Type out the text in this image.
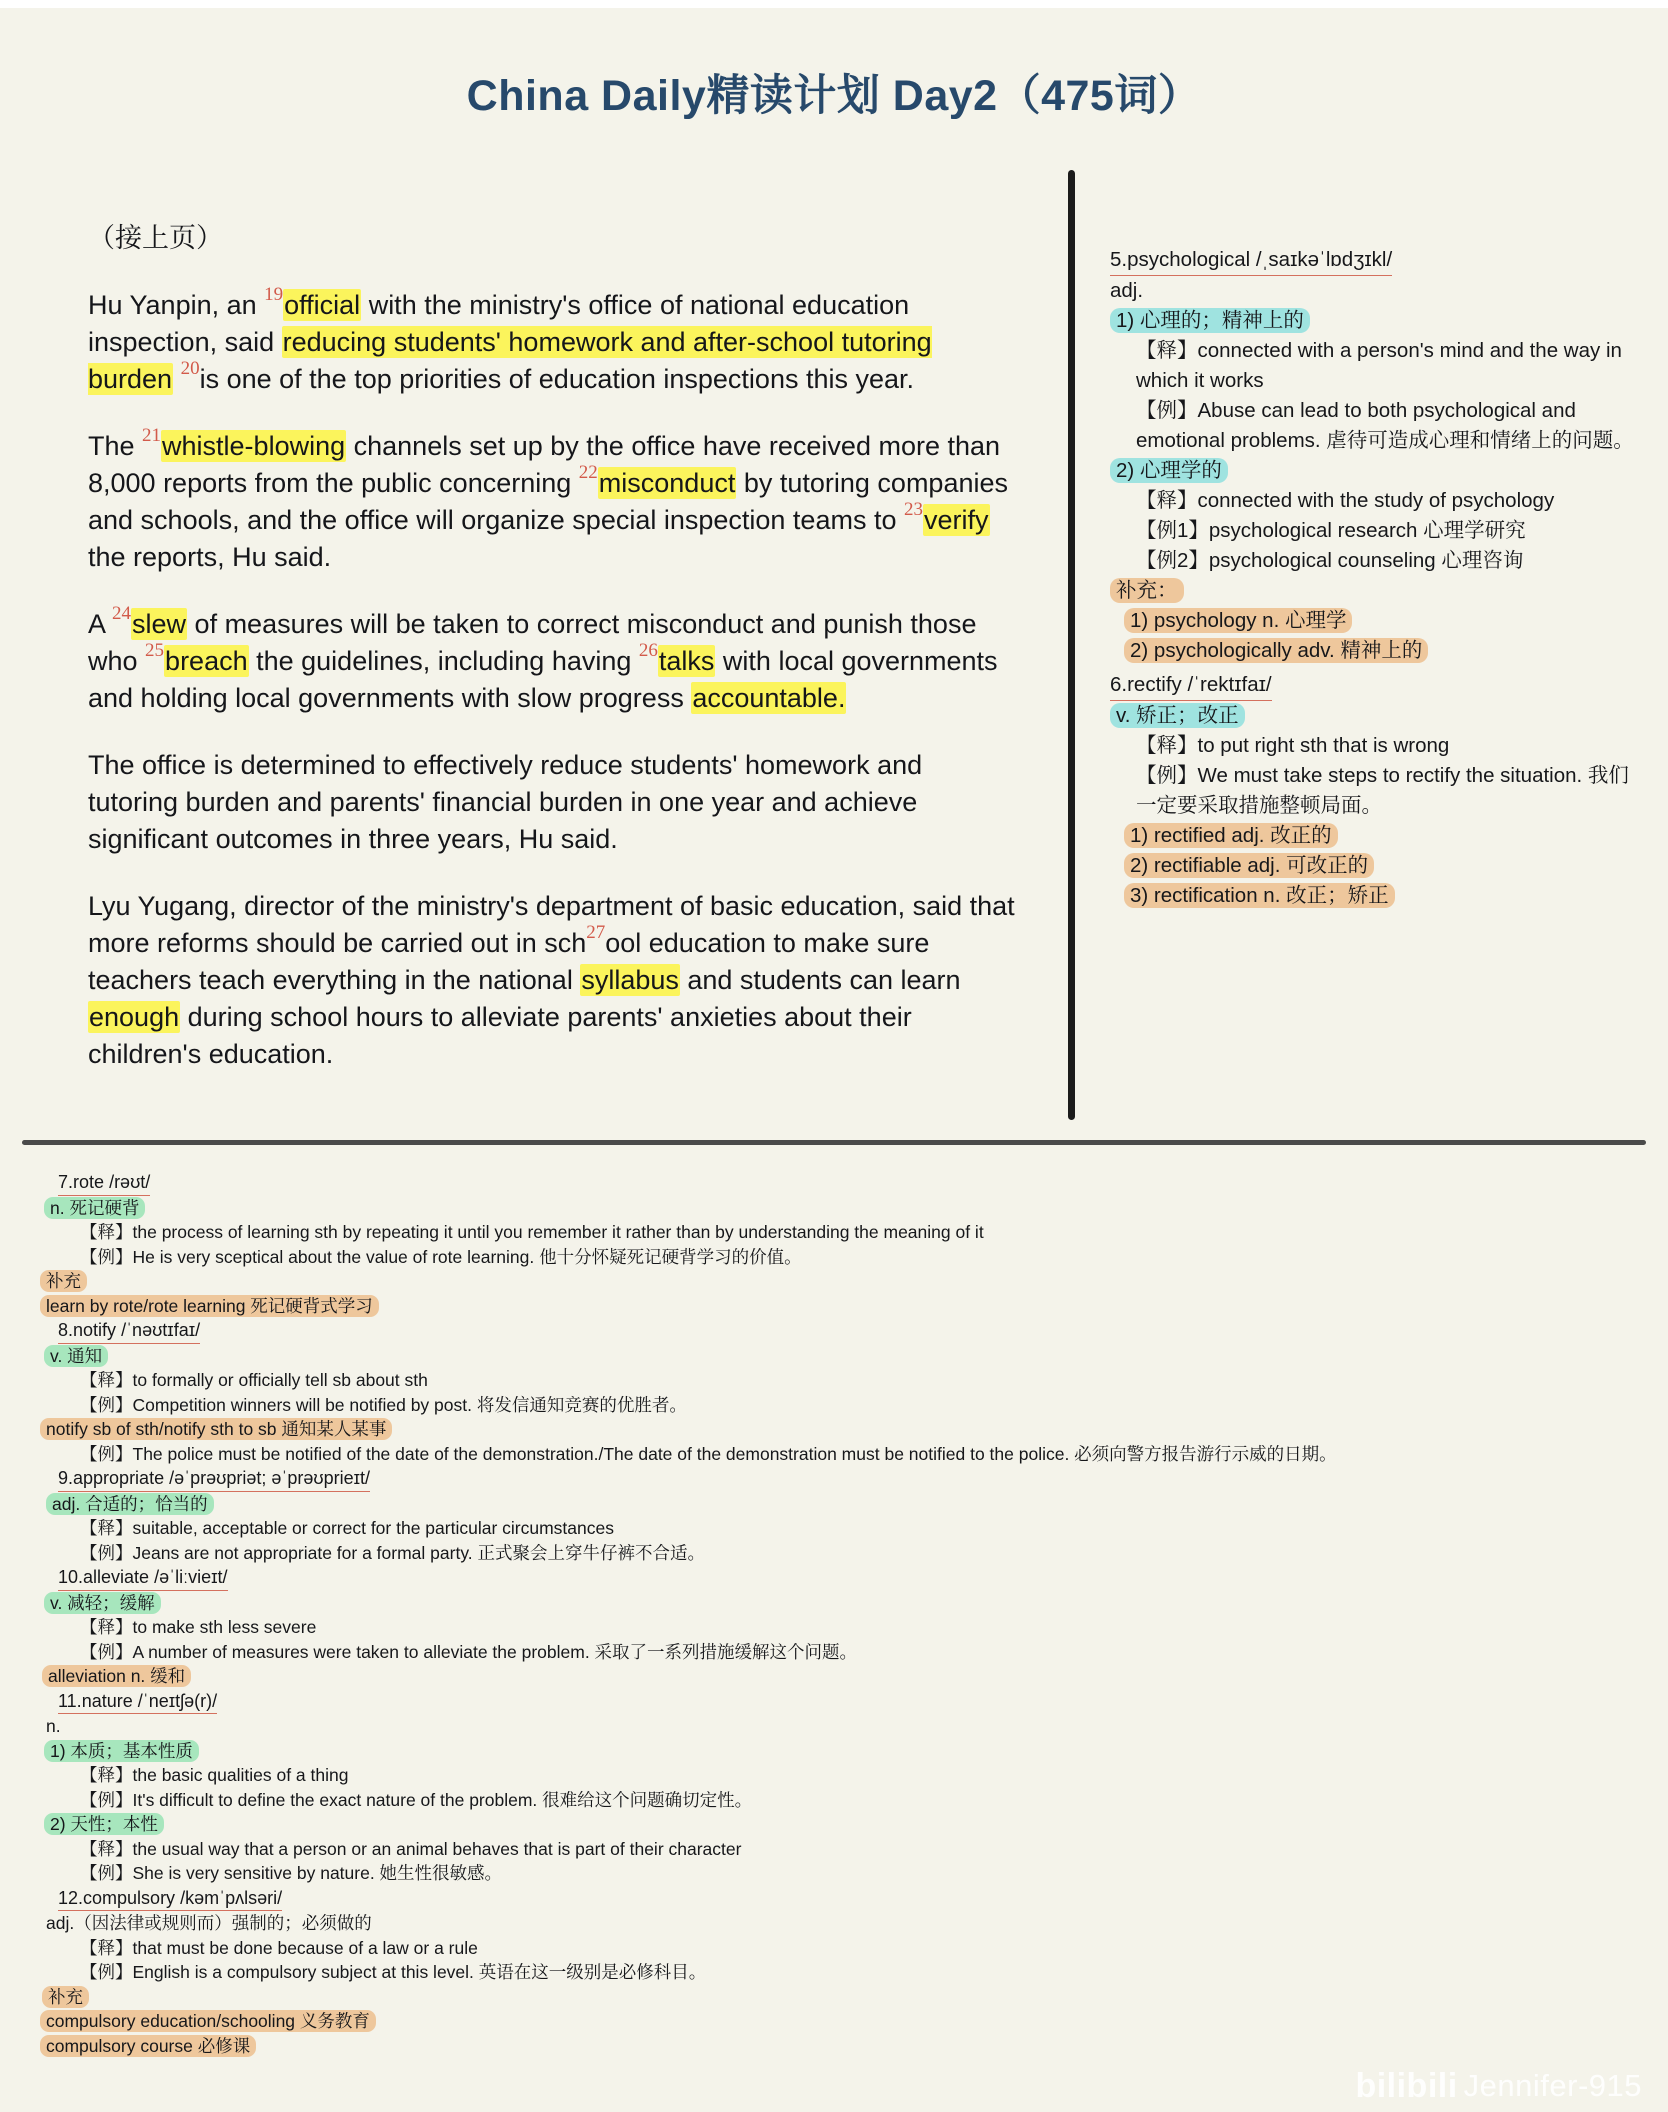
China Daily精读计划 Day2（475词）

（接上页）

Hu Yanpin, an $^{19}$official with the ministry's office of national education inspection, said reducing students' homework and after-school tutoring burden $^{20}$is one of the top priorities of education inspections this year.

The $^{21}$whistle-blowing channels set up by the office have received more than 8,000 reports from the public concerning $^{22}$misconduct by tutoring companies and schools, and the office will organize special inspection teams to $^{23}$verify the reports, Hu said.

A $^{24}$slew of measures will be taken to correct misconduct and punish those who $^{25}$breach the guidelines, including having $^{26}$talks with local governments and holding local governments with slow progress accountable.

The office is determined to effectively reduce students' homework and tutoring burden and parents' financial burden in one year and achieve significant outcomes in three years, Hu said.

Lyu Yugang, director of the ministry's department of basic education, said that more reforms should be carried out in sch$^{27}$ool education to make sure teachers teach everything in the national syllabus and students can learn enough during school hours to alleviate parents' anxieties about their children's education.

5.psychological /ˌsaɪkəˈlɒdʒɪkl/
adj.
1) 心理的；精神上的
【释】connected with a person's mind and the way in which it works
【例】Abuse can lead to both psychological and emotional problems. 虐待可造成心理和情绪上的问题。
2) 心理学的
【释】connected with the study of psychology
【例1】psychological research 心理学研究
【例2】psychological counseling 心理咨询
补充：
1) psychology n. 心理学
2) psychologically adv. 精神上的
6.rectify /ˈrektɪfaɪ/
v. 矫正；改正
【释】to put right sth that is wrong
【例】We must take steps to rectify the situation. 我们一定要采取措施整顿局面。
1) rectified adj. 改正的
2) rectifiable adj. 可改正的
3) rectification n. 改正；矫正
7.rote /rəʊt/
n. 死记硬背
【释】the process of learning sth by repeating it until you remember it rather than by understanding the meaning of it
【例】He is very sceptical about the value of rote learning. 他十分怀疑死记硬背学习的价值。
补充
learn by rote/rote learning 死记硬背式学习
8.notify /ˈnəʊtɪfaɪ/
v. 通知
【释】to formally or officially tell sb about sth
【例】Competition winners will be notified by post. 将发信通知竞赛的优胜者。
notify sb of sth/notify sth to sb 通知某人某事
【例】The police must be notified of the date of the demonstration./The date of the demonstration must be notified to the police. 必须向警方报告游行示威的日期。
9.appropriate /əˈprəʊpriət; əˈprəʊprieɪt/
adj. 合适的；恰当的
【释】suitable, acceptable or correct for the particular circumstances
【例】Jeans are not appropriate for a formal party. 正式聚会上穿牛仔裤不合适。
10.alleviate /əˈliːvieɪt/
v. 减轻；缓解
【释】to make sth less severe
【例】A number of measures were taken to alleviate the problem. 采取了一系列措施缓解这个问题。
alleviation n. 缓和
11.nature /ˈneɪtʃə(r)/
n.
1) 本质；基本性质
【释】the basic qualities of a thing
【例】It's difficult to define the exact nature of the problem. 很难给这个问题确切定性。
2) 天性；本性
【释】the usual way that a person or an animal behaves that is part of their character
【例】She is very sensitive by nature. 她生性很敏感。
12.compulsory /kəmˈpʌlsəri/
adj.（因法律或规则而）强制的；必须做的
【释】that must be done because of a law or a rule
【例】English is a compulsory subject at this level. 英语在这一级别是必修科目。
补充
compulsory education/schooling 义务教育
compulsory course 必修课
bilibili Jennifer-915
